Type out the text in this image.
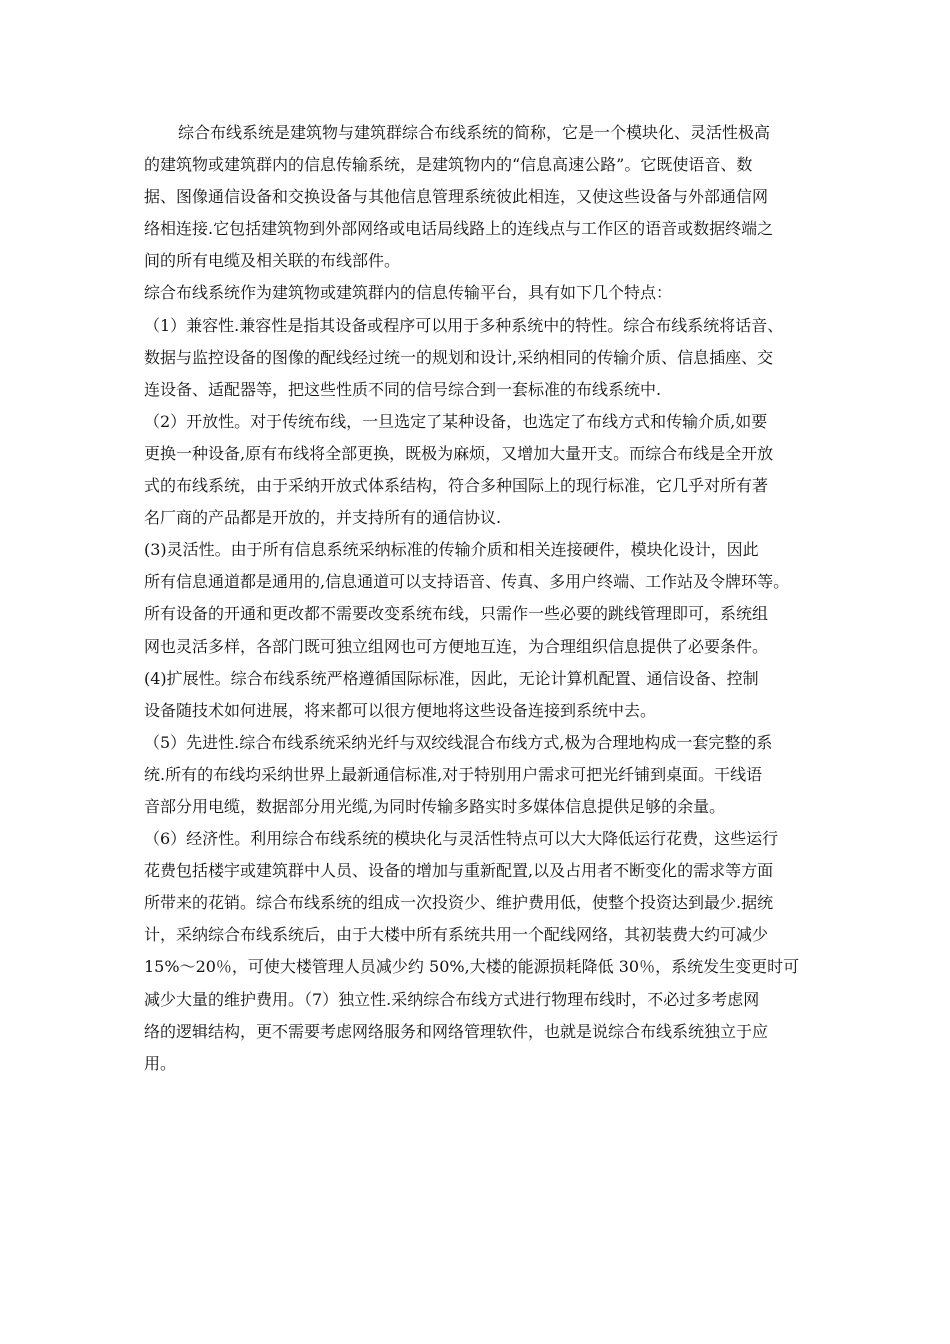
综合布线系统是建筑物与建筑群综合布线系统的简称，它是一个模块化、灵活性极高
的建筑物或建筑群内的信息传输系统，是建筑物内的“信息高速公路”。它既使语音、数
据、图像通信设备和交换设备与其他信息管理系统彼此相连，又使这些设备与外部通信网
络相连接.它包括建筑物到外部网络或电话局线路上的连线点与工作区的语音或数据终端之
间的所有电缆及相关联的布线部件。
综合布线系统作为建筑物或建筑群内的信息传输平台，具有如下几个特点：
（1）兼容性.兼容性是指其设备或程序可以用于多种系统中的特性。综合布线系统将话音、
数据与监控设备的图像的配线经过统一的规划和设计,采纳相同的传输介质、信息插座、交
连设备、适配器等，把这些性质不同的信号综合到一套标准的布线系统中.
（2）开放性。对于传统布线，一旦选定了某种设备，也选定了布线方式和传输介质,如要
更换一种设备,原有布线将全部更换，既极为麻烦，又增加大量开支。而综合布线是全开放
式的布线系统，由于采纳开放式体系结构，符合多种国际上的现行标准，它几乎对所有著
名厂商的产品都是开放的，并支持所有的通信协议.
(3)灵活性。由于所有信息系统采纳标准的传输介质和相关连接硬件，模块化设计，因此
所有信息通道都是通用的,信息通道可以支持语音、传真、多用户终端、工作站及令牌环等。
所有设备的开通和更改都不需要改变系统布线，只需作一些必要的跳线管理即可，系统组
网也灵活多样，各部门既可独立组网也可方便地互连，为合理组织信息提供了必要条件。
(4)扩展性。综合布线系统严格遵循国际标准，因此，无论计算机配置、通信设备、控制
设备随技术如何进展，将来都可以很方便地将这些设备连接到系统中去。
（5）先进性.综合布线系统采纳光纤与双绞线混合布线方式,极为合理地构成一套完整的系
统.所有的布线均采纳世界上最新通信标准,对于特别用户需求可把光纤铺到桌面。干线语
音部分用电缆，数据部分用光缆,为同时传输多路实时多媒体信息提供足够的余量。
（6）经济性。利用综合布线系统的模块化与灵活性特点可以大大降低运行花费，这些运行
花费包括楼宇或建筑群中人员、设备的增加与重新配置,以及占用者不断变化的需求等方面
所带来的花销。综合布线系统的组成一次投资少、维护费用低，使整个投资达到最少.据统
计，采纳综合布线系统后，由于大楼中所有系统共用一个配线网络，其初装费大约可减少
15%～20％，可使大楼管理人员减少约 50%,大楼的能源损耗降低 30％，系统发生变更时可
减少大量的维护费用。（7）独立性.采纳综合布线方式进行物理布线时，不必过多考虑网
络的逻辑结构，更不需要考虑网络服务和网络管理软件，也就是说综合布线系统独立于应
用。
